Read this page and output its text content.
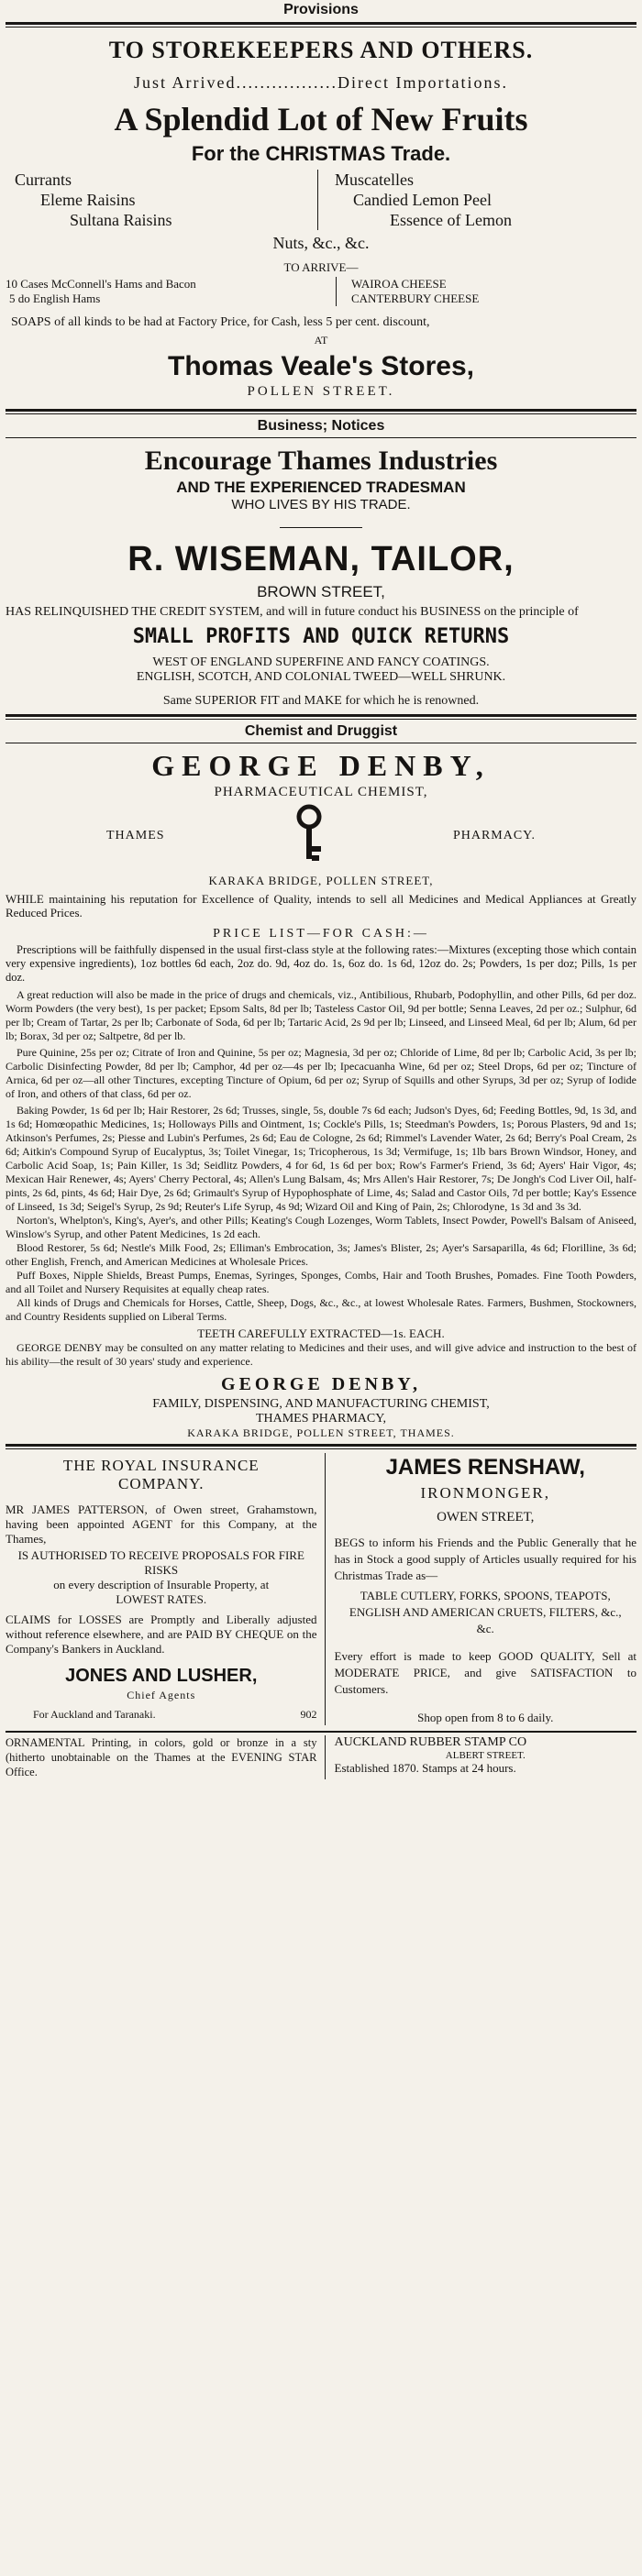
Provisions
TO STOREKEEPERS AND OTHERS.
Just Arrived.................Direct Importations.
A Splendid Lot of New Fruits
For the CHRISTMAS Trade.
Currants
Eleme Raisins
Sultana Raisins
Muscatelles
Candied Lemon Peel
Essence of Lemon
Nuts, &c., &c.
TO ARRIVE—
10 Cases McConnell's Hams and Bacon
5 do English Hams
WAIROA CHEESE
CANTERBURY CHEESE
SOAPS of all kinds to be had at Factory Price, for Cash, less 5 per cent. discount,
AT
Thomas Veale's Stores,
POLLEN STREET.
Business; Notices
Encourage Thames Industries
AND THE EXPERIENCED TRADESMAN
WHO LIVES BY HIS TRADE.
R. WISEMAN, TAILOR,
BROWN STREET,
HAS RELINQUISHED THE CREDIT SYSTEM, and will in future conduct his BUSINESS on the principle of
SMALL PROFITS AND QUICK RETURNS
WEST OF ENGLAND SUPERFINE AND FANCY COATINGS.
ENGLISH, SCOTCH, AND COLONIAL TWEED—WELL SHRUNK.
Same SUPERIOR FIT and MAKE for which he is renowned.
Chemist and Druggist
GEORGE DENBY,
PHARMACEUTICAL CHEMIST,
THAMES	PHARMACY.
KARAKA BRIDGE, POLLEN STREET,
WHILE maintaining his reputation for Excellence of Quality, intends to sell all Medicines and Medical Appliances at Greatly Reduced Prices.
PRICE LIST—FOR CASH:—
Prescriptions will be faithfully dispensed in the usual first-class style at the following rates:—Mixtures (excepting those which contain very expensive ingredients), 1oz bottles 6d each, 2oz do. 9d, 4oz do. 1s, 6oz do. 1s 6d, 12oz do. 2s; Powders, 1s per doz; Pills, 1s per doz.
A great reduction will also be made in the price of drugs and chemicals, viz., Antibilious, Rhubarb, Podophyllin, and other Pills, 6d per doz. Worm Powders (the very best), 1s per packet; Epsom Salts, 8d per lb; Tasteless Castor Oil, 9d per bottle; Senna Leaves, 2d per oz.; Sulphur, 6d per lb; Cream of Tartar, 2s per lb; Carbonate of Soda, 6d per lb; Tartaric Acid, 2s 9d per lb; Linseed, and Linseed Meal, 6d per lb; Alum, 6d per lb; Borax, 3d per oz; Saltpetre, 8d per lb.
Pure Quinine, 25s per oz; Citrate of Iron and Quinine, 5s per oz; Magnesia, 3d per oz; Chloride of Lime, 8d per lb; Carbolic Acid, 3s per lb; Carbolic Disinfecting Powder, 8d per lb; Camphor, 4d per oz—4s per lb; Ipecacuanha Wine, 6d per oz; Steel Drops, 6d per oz; Tincture of Arnica, 6d per oz—all other Tinctures, excepting Tincture of Opium, 6d per oz; Syrup of Squills and other Syrups, 3d per oz; Syrup of Iodide of Iron, and others of that class, 6d per oz.
Baking Powder, 1s 6d per lb; Hair Restorer, 2s 6d; Trusses, single, 5s, double 7s 6d each; Judson's Dyes, 6d; Feeding Bottles, 9d, 1s 3d, and 1s 6d; Homœopathic Medicines, 1s; Holloways Pills and Ointment, 1s; Cockle's Pills, 1s; Steedman's Powders, 1s; Porous Plasters, 9d and 1s; Atkinson's Perfumes, 2s; Piesse and Lubin's Perfumes, 2s 6d; Eau de Cologne, 2s 6d; Rimmel's Lavender Water, 2s 6d; Berry's Poal Cream, 2s 6d; Aitkin's Compound Syrup of Eucalyptus, 3s; Toilet Vinegar, 1s; Tricopherous, 1s 3d; Vermifuge, 1s; 1lb bars Brown Windsor, Honey, and Carbolic Acid Soap, 1s; Pain Killer, 1s 3d; Seidlitz Powders, 4 for 6d, 1s 6d per box; Row's Farmer's Friend, 3s 6d; Ayers' Hair Vigor, 4s; Mexican Hair Renewer, 4s; Ayers' Cherry Pectoral, 4s; Allen's Lung Balsam, 4s; Mrs Allen's Hair Restorer, 7s; De Jongh's Cod Liver Oil, half-pints, 2s 6d, pints, 4s 6d; Hair Dye, 2s 6d; Grimault's Syrup of Hypophosphate of Lime, 4s; Salad and Castor Oils, 7d per bottle; Kay's Essence of Linseed, 1s 3d; Seigel's Syrup, 2s 9d; Reuter's Life Syrup, 4s 9d; Wizard Oil and King of Pain, 2s; Chlorodyne, 1s 3d and 3s 3d.
Norton's, Whelpton's, King's, Ayer's, and other Pills; Keating's Cough Lozenges, Worm Tablets, Insect Powder, Powell's Balsam of Aniseed, Winslow's Syrup, and other Patent Medicines, 1s 2d each.
Blood Restorer, 5s 6d; Nestle's Milk Food, 2s; Elliman's Embrocation, 3s; James's Blister, 2s; Ayer's Sarsaparilla, 4s 6d; Florilline, 3s 6d; other English, French, and American Medicines at Wholesale Prices.
Puff Boxes, Nipple Shields, Breast Pumps, Enemas, Syringes, Sponges, Combs, Hair and Tooth Brushes, Pomades. Fine Tooth Powders, and all Toilet and Nursery Requisites at equally cheap rates.
All kinds of Drugs and Chemicals for Horses, Cattle, Sheep, Dogs, &c., &c., at lowest Wholesale Rates. Farmers, Bushmen, Stockowners, and Country Residents supplied on Liberal Terms.
TEETH CAREFULLY EXTRACTED—1s. EACH.
GEORGE DENBY may be consulted on any matter relating to Medicines and their uses, and will give advice and instruction to the best of his ability—the result of 30 years' study and experience.
GEORGE DENBY,
FAMILY, DISPENSING, AND MANUFACTURING CHEMIST,
THAMES PHARMACY,
KARAKA BRIDGE, POLLEN STREET, THAMES.
THE ROYAL INSURANCE COMPANY.
MR JAMES PATTERSON, of Owen street, Grahamstown, having been appointed AGENT for this Company, at the Thames,
IS AUTHORISED TO RECEIVE PROPOSALS FOR FIRE RISKS
on every description of Insurable Property, at
LOWEST RATES.
CLAIMS for LOSSES are Promptly and Liberally adjusted without reference elsewhere, and are PAID BY CHEQUE on the Company's Bankers in Auckland.
JONES AND LUSHER,
Chief Agents
For Auckland and Taranaki.	902
JAMES RENSHAW,
IRONMONGER,
OWEN STREET,
BEGS to inform his Friends and the Public Generally that he has in Stock a good supply of Articles usually required for his Christmas Trade as—
TABLE CUTLERY, FORKS, SPOONS, TEAPOTS, ENGLISH AND AMERICAN CRUETS, FILTERS, &c., &c.
Every effort is made to keep GOOD QUALITY, Sell at MODERATE PRICE, and give SATISFACTION to Customers.
Shop open from 8 to 6 daily.
ORNAMENTAL Printing, in colors, gold or bronze in a sty (hitherto unobtainable on the Thames at the EVENING STAR Office.
AUCKLAND RUBBER STAMP CO
ALBERT STREET.
Established 1870. Stamps at 24 hours.
